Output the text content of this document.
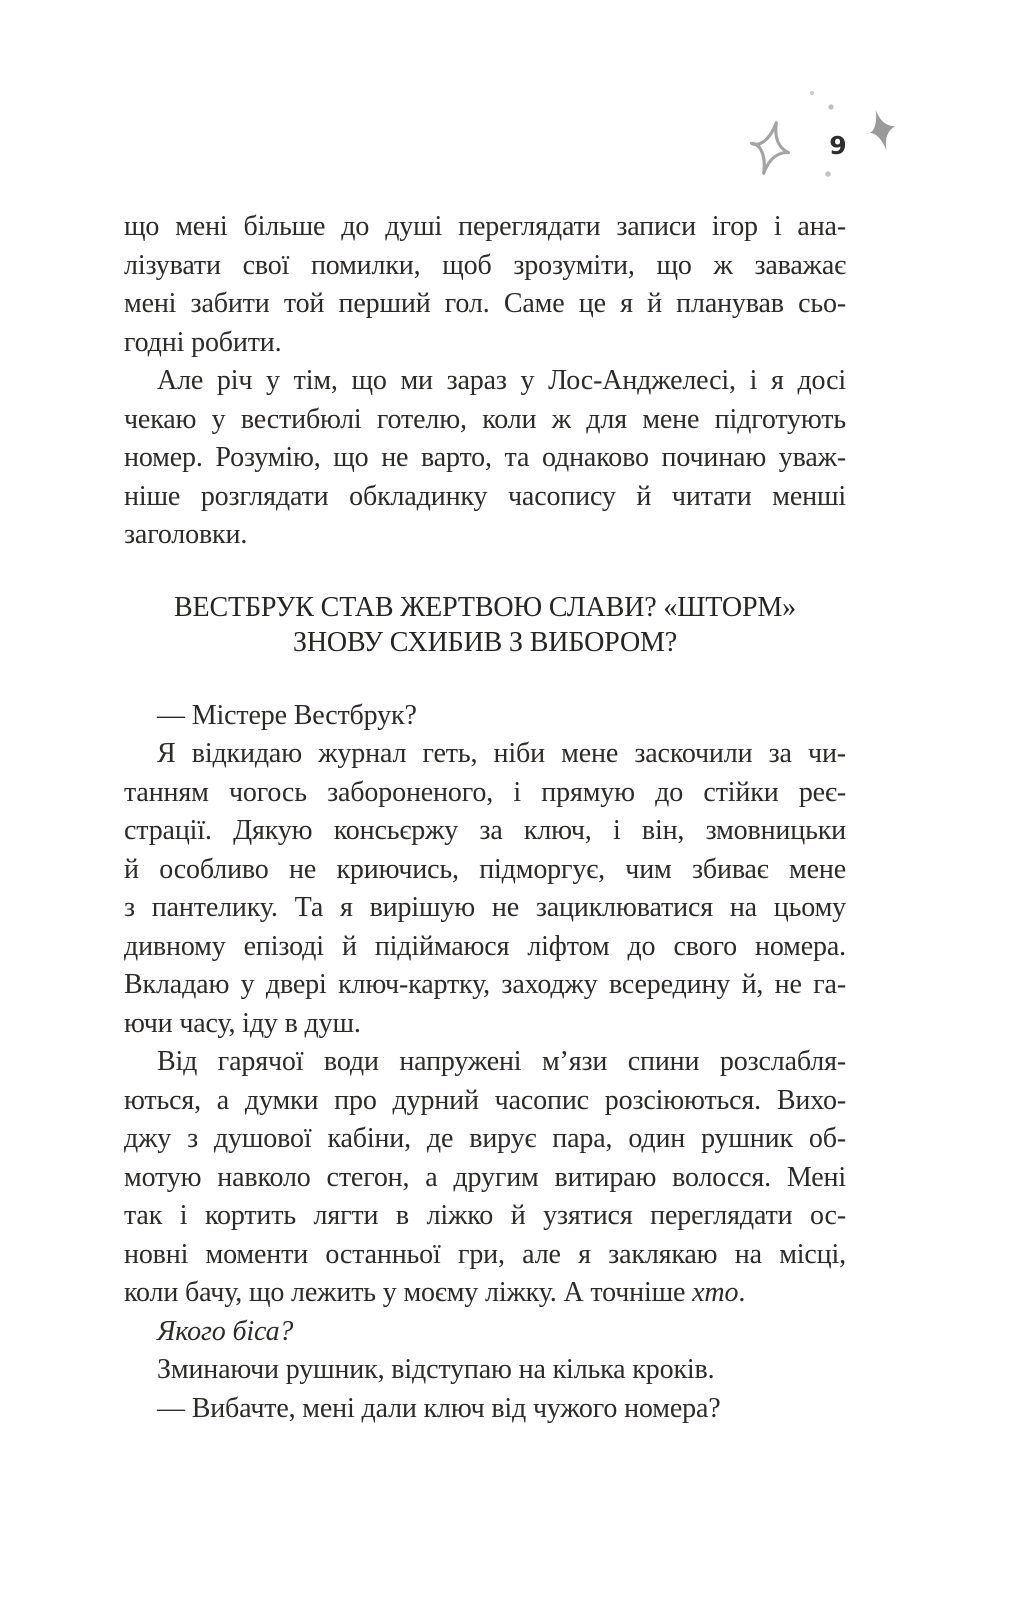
9
що мені більше до душі переглядати записи ігор і ана-
лізувати свої помилки, щоб зрозуміти, що ж заважає
мені забити той перший гол. Саме це я й планував сьо-
годні робити.
Але річ у тім, що ми зараз у Лос-Анджелесі, і я досі
чекаю у вестибюлі готелю, коли ж для мене підготують
номер. Розумію, що не варто, та однаково починаю уваж-
ніше розглядати обкладинку часопису й читати менші
заголовки.
ВЕСТБРУК СТАВ ЖЕРТВОЮ СЛАВИ? «ШТОРМ»
ЗНОВУ СХИБИВ З ВИБОРОМ?
— Містере Вестбрук?
Я відкидаю журнал геть, ніби мене заскочили за чи-
танням чогось забороненого, і прямую до стійки реє-
страції. Дякую консьєржу за ключ, і він, змовницьки
й особливо не криючись, підморгує, чим збиває мене
з пантелику. Та я вирішую не зациклюватися на цьому
дивному епізоді й підіймаюся ліфтом до свого номера.
Вкладаю у двері ключ-картку, заходжу всередину й, не га-
ючи часу, іду в душ.
Від гарячої води напружені м’язи спини розслабля-
ються, а думки про дурний часопис розсіюються. Вихо-
джу з душової кабіни, де вирує пара, один рушник об-
мотую навколо стегон, а другим витираю волосся. Мені
так і кортить лягти в ліжко й узятися переглядати ос-
новні моменти останньої гри, але я заклякаю на місці,
коли бачу, що лежить у моєму ліжку. А точніше хто.
Якого біса?
Зминаючи рушник, відступаю на кілька кроків.
— Вибачте, мені дали ключ від чужого номера?
